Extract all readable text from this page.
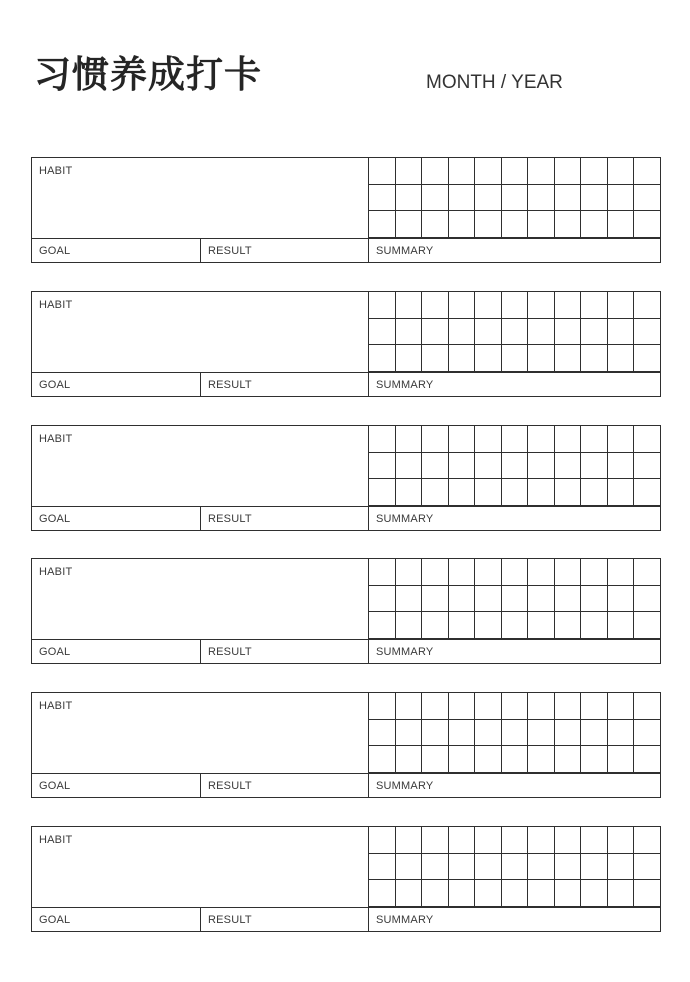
习惯养成打卡	MONTH / YEAR
HABIT
GOAL	RESULT	SUMMARY
HABIT
GOAL	RESULT	SUMMARY
HABIT
GOAL	RESULT	SUMMARY
HABIT
GOAL	RESULT	SUMMARY
HABIT
GOAL	RESULT	SUMMARY
HABIT
GOAL	RESULT	SUMMARY
